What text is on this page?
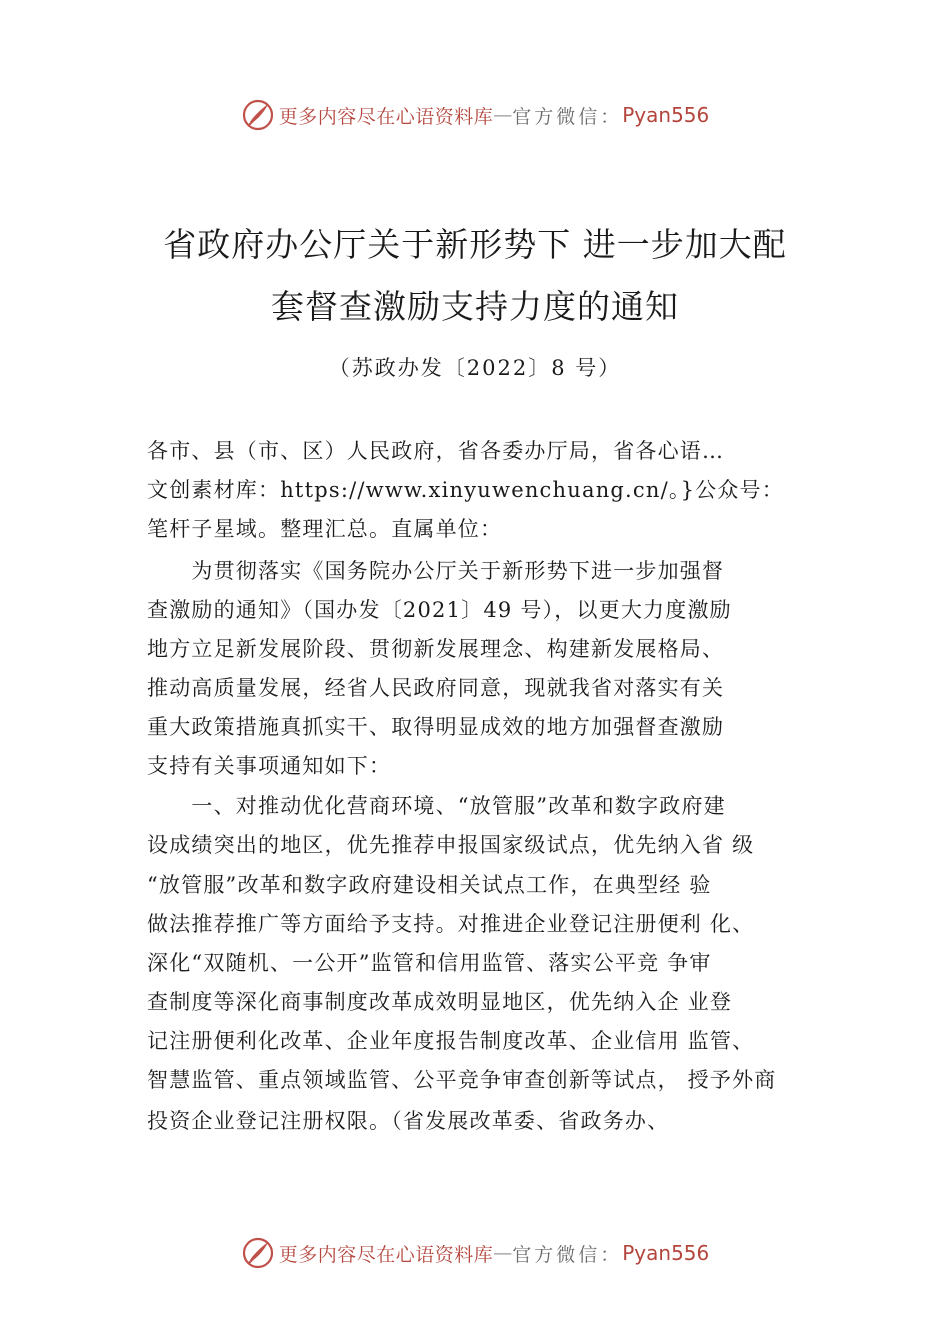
更多内容尽在心语资料库 — 官方微信： Pyan556
省政府办公厅关于新形势下 进一步加大配
套督查激励支持力度的通知
（苏政办发〔2022〕8 号）
各市、县（市、区）人民政府，省各委办厅局，省各心语…
文创素材库：https://www.xinyuwenchuang.cn/。}公众号：
笔杆子星域。整理汇总。直属单位：
　　为贯彻落实《国务院办公厅关于新形势下进一步加强督
查激励的通知》（国办发〔2021〕49 号），以更大力度激励
地方立足新发展阶段、贯彻新发展理念、构建新发展格局、
推动高质量发展，经省人民政府同意，现就我省对落实有关
重大政策措施真抓实干、取得明显成效的地方加强督查激励
支持有关事项通知如下：
　　一、对推动优化营商环境、“放管服”改革和数字政府建
设成绩突出的地区，优先推荐申报国家级试点，优先纳入省 级
“放管服”改革和数字政府建设相关试点工作，在典型经 验
做法推荐推广等方面给予支持。对推进企业登记注册便利 化、
深化“双随机、一公开”监管和信用监管、落实公平竞 争审
查制度等深化商事制度改革成效明显地区，优先纳入企 业登
记注册便利化改革、企业年度报告制度改革、企业信用 监管、
智慧监管、重点领域监管、公平竞争审查创新等试点， 授予外商
投资企业登记注册权限。（省发展改革委、省政务办、
更多内容尽在心语资料库 — 官方微信： Pyan556
